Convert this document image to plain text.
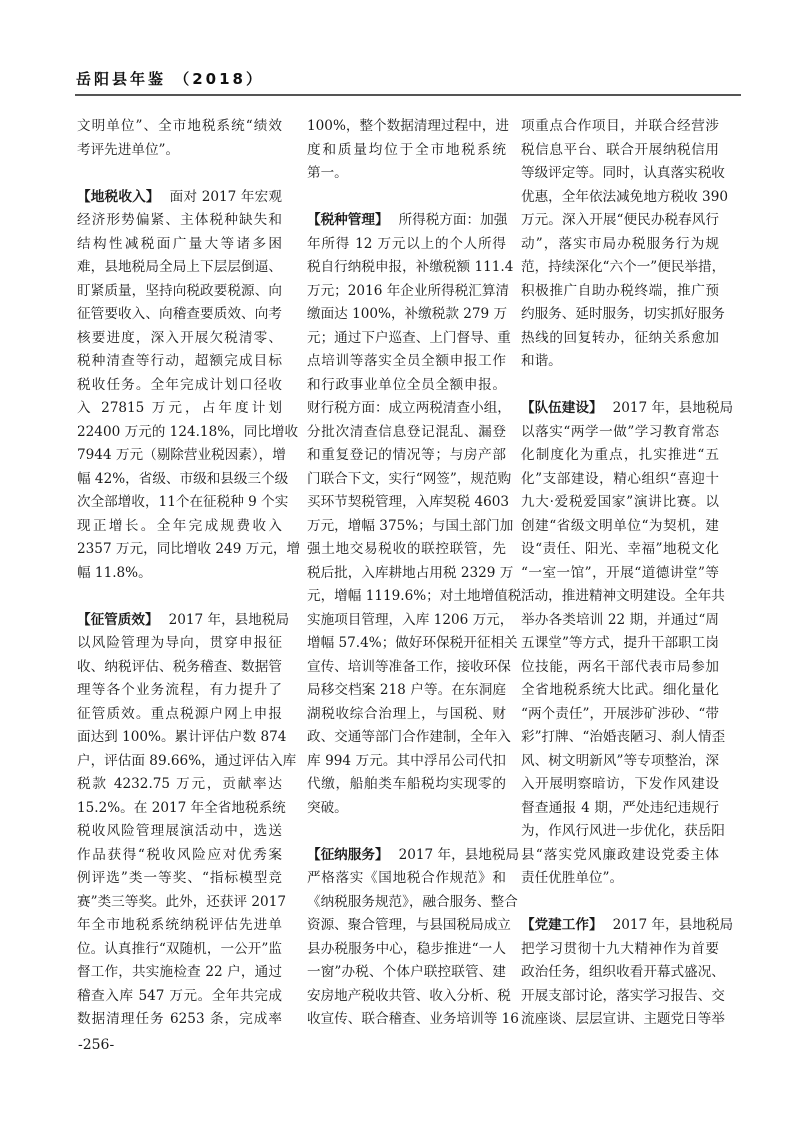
岳阳县年鉴 （2018）
文明单位”、全市地税系统“绩效
考评先进单位”。
【地税收入】 面对 2017 年宏观
经济形势偏紧、主体税种缺失和
结构性减税面广量大等诸多困
难，县地税局全局上下层层倒逼、
盯紧质量，坚持向税政要税源、向
征管要收入、向稽查要质效、向考
核要进度，深入开展欠税清零、
税种清查等行动，超额完成目标
税收任务。全年完成计划口径收
入 27815 万元，占年度计划
22400 万元的 124.18%，同比增收
7944 万元（剔除营业税因素），增
幅 42%，省级、市级和县级三个级
次全部增收，11个在征税种 9 个实
现正增长。全年完成规费收入
2357 万元，同比增收 249 万元，增
幅 11.8%。
【征管质效】 2017 年，县地税局
以风险管理为导向，贯穿申报征
收、纳税评估、税务稽查、数据管
理等各个业务流程，有力提升了
征管质效。重点税源户网上申报
面达到 100%。累计评估户数 874
户，评估面 89.66%，通过评估入库
税款 4232.75 万元，贡献率达
15.2%。在 2017 年全省地税系统
税收风险管理展演活动中，选送
作品获得“税收风险应对优秀案
例评选”类一等奖、“指标模型竞
赛”类三等奖。此外，还获评 2017
年全市地税系统纳税评估先进单
位。认真推行“双随机，一公开”监
督工作，共实施检查 22 户，通过
稽查入库 547 万元。全年共完成
数据清理任务 6253 条，完成率
100%，整个数据清理过程中，进
度和质量均位于全市地税系统
第一。
【税种管理】 所得税方面：加强
年所得 12 万元以上的个人所得
税自行纳税申报，补缴税额 111.4
万元；2016 年企业所得税汇算清
缴面达 100%，补缴税款 279 万
元；通过下户巡查、上门督导、重
点培训等落实全员全额申报工作
和行政事业单位全员全额申报。
财行税方面：成立两税清查小组，
分批次清查信息登记混乱、漏登
和重复登记的情况等；与房产部
门联合下文，实行“网签”，规范购
买环节契税管理，入库契税 4603
万元，增幅 375%；与国土部门加
强土地交易税收的联控联管，先
税后批，入库耕地占用税 2329 万
元，增幅 1119.6%；对土地增值税
实施项目管理，入库 1206 万元，
增幅 57.4%；做好环保税开征相关
宣传、培训等准备工作，接收环保
局移交档案 218 户等。在东洞庭
湖税收综合治理上，与国税、财
政、交通等部门合作建制，全年入
库 994 万元。其中浮吊公司代扣
代缴，船舶类车船税均实现零的
突破。
【征纳服务】 2017 年，县地税局
严格落实《国地税合作规范》和
《纳税服务规范》，融合服务、整合
资源、聚合管理，与县国税局成立
县办税服务中心，稳步推进“一人
一窗”办税、个体户联控联管、建
安房地产税收共管、收入分析、税
收宣传、联合稽查、业务培训等 16
项重点合作项目，并联合经营涉
税信息平台、联合开展纳税信用
等级评定等。同时，认真落实税收
优惠，全年依法减免地方税收 390
万元。深入开展“便民办税春风行
动”，落实市局办税服务行为规
范，持续深化“六个一”便民举措，
积极推广自助办税终端，推广预
约服务、延时服务，切实抓好服务
热线的回复转办，征纳关系愈加
和谐。
【队伍建设】 2017 年，县地税局
以落实“两学一做”学习教育常态
化制度化为重点，扎实推进“五
化”支部建设，精心组织“喜迎十
九大·爱税爱国家”演讲比赛。以
创建“省级文明单位“为契机，建
设“责任、阳光、幸福”地税文化
“一室一馆”，开展“道德讲堂”等
活动，推进精神文明建设。全年共
举办各类培训 22 期，并通过“周
五课堂”等方式，提升干部职工岗
位技能，两名干部代表市局参加
全省地税系统大比武。细化量化
“两个责任”，开展涉矿涉砂、“带
彩”打牌、“治婚丧陋习、刹人情歪
风、树文明新风”等专项整治，深
入开展明察暗访，下发作风建设
督查通报 4 期，严处违纪违规行
为，作风行风进一步优化，获岳阳
县“落实党风廉政建设党委主体
责任优胜单位”。
【党建工作】 2017 年，县地税局
把学习贯彻十九大精神作为首要
政治任务，组织收看开幕式盛况、
开展支部讨论，落实学习报告、交
流座谈、层层宣讲、主题党日等举
-256-
